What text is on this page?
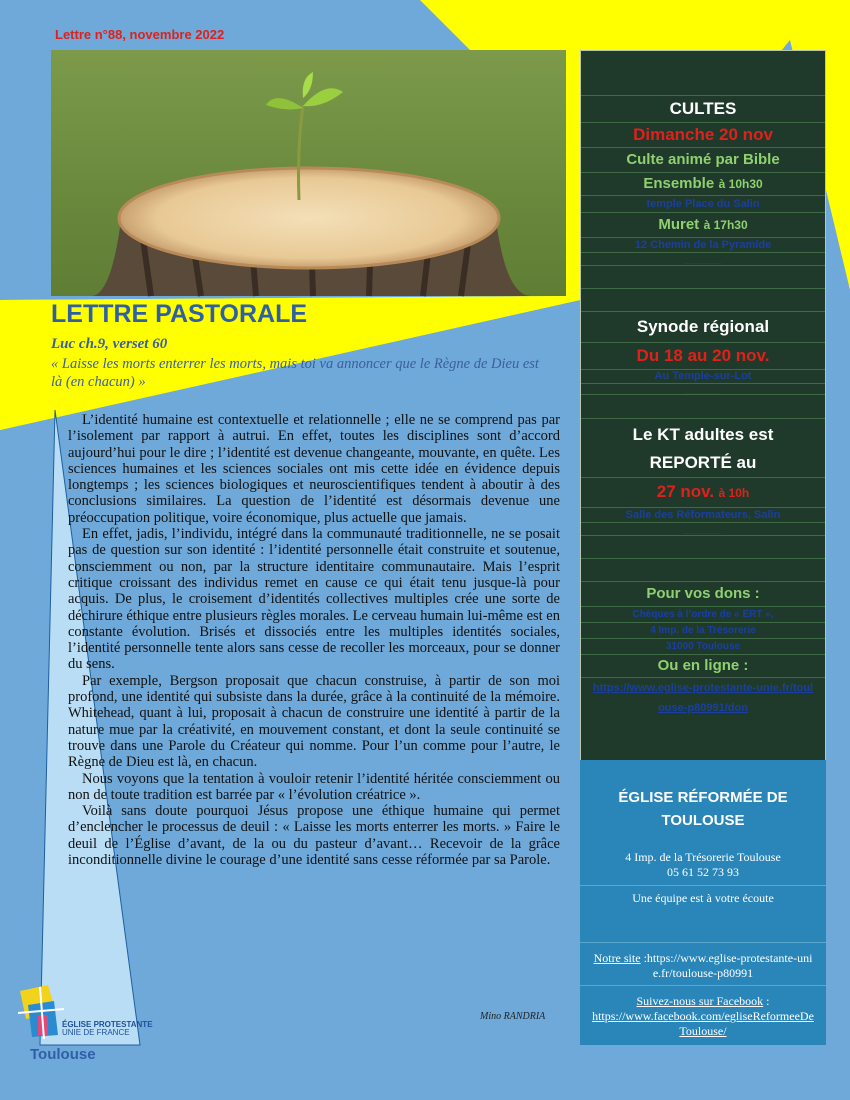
Lettre n°88, novembre 2022
LETTRE PASTORALE
Luc ch.9, verset 60
« Laisse les morts enterrer les morts, mais toi va annoncer que le Règne de Dieu est là (en chacun) »

L’identité humaine est contextuelle et relationnelle ; elle ne se comprend pas par l’isolement par rapport à autrui. En effet, toutes les disciplines sont d’accord aujourd’hui pour le dire ; l’identité est devenue changeante, mouvante, en quête. Les sciences humaines et les sciences sociales ont mis cette idée en évidence depuis longtemps ; les sciences biologiques et neuroscientifiques tendent à aboutir à des conclusions similaires. La question de l’identité est désormais devenue une préoccupation politique, voire économique, plus actuelle que jamais.

En effet, jadis, l’individu, intégré dans la communauté traditionnelle, ne se posait pas de question sur son identité : l’identité personnelle était construite et soutenue, consciemment ou non, par la structure identitaire communautaire. Mais l’esprit critique croissant des individus remet en cause ce qui était tenu jusque-là pour acquis. De plus, le croisement d’identités collectives multiples crée une sorte de déchirure éthique entre plusieurs règles morales. Le cerveau humain lui-même est en constante évolution. Brisés et dissociés entre les multiples identités sociales, l’identité personnelle tente alors sans cesse de recoller les morceaux, pour se donner du sens.

Par exemple, Bergson proposait que chacun construise, à partir de son moi profond, une identité qui subsiste dans la durée, grâce à la continuité de la mémoire. Whitehead, quant à lui, proposait à chacun de construire une identité à partir de la nature mue par la créativité, en mouvement constant, et dont la seule continuité se trouve dans une Parole du Créateur qui nomme. Pour l’un comme pour l’autre, le Règne de Dieu est là, en chacun.

Nous voyons que la tentation à vouloir retenir l’identité héritée consciemment ou non de toute tradition est barrée par « l’évolution créatrice ».

Voilà sans doute pourquoi Jésus propose une éthique humaine qui permet d’enclencher le processus de deuil : « Laisse les morts enterrer les morts. » Faire le deuil de l’Église d’avant, de la ou du pasteur d’avant… Recevoir de la grâce inconditionnelle divine le courage d’une identité sans cesse réformée par sa Parole.

Mino RANDRIA
ÉGLISE PROTESTANTE
UNIE DE FRANCE
Toulouse
CULTES
Dimanche 20 nov
Culte animé par Bible
Ensemble à 10h30
temple Place du Salin
Muret à 17h30
12 Chemin de la Pyramide
______
Synode régional
Du 18 au 20 nov.
Au Temple-sur-Lot
______
Le KT adultes est
REPORTÉ au
27 nov. à 10h
Salle des Réformateurs, Salin
______
Pour vos dons :
Chèques à l’ordre de « ERT »,
4 Imp. de la Trésorerie
31000 Toulouse
Ou en ligne :
https://www.eglise-protestante-unie.fr/toulouse-p80991/don
ÉGLISE RÉFORMÉE DE TOULOUSE
4 Imp. de la Trésorerie Toulouse
05 61 52 73 93
Une équipe est à votre écoute
Notre site :https://www.eglise-protestante-unie.fr/toulouse-p80991
Suivez-nous sur Facebook :
https://www.facebook.com/egliseReformeeDeToulouse/
